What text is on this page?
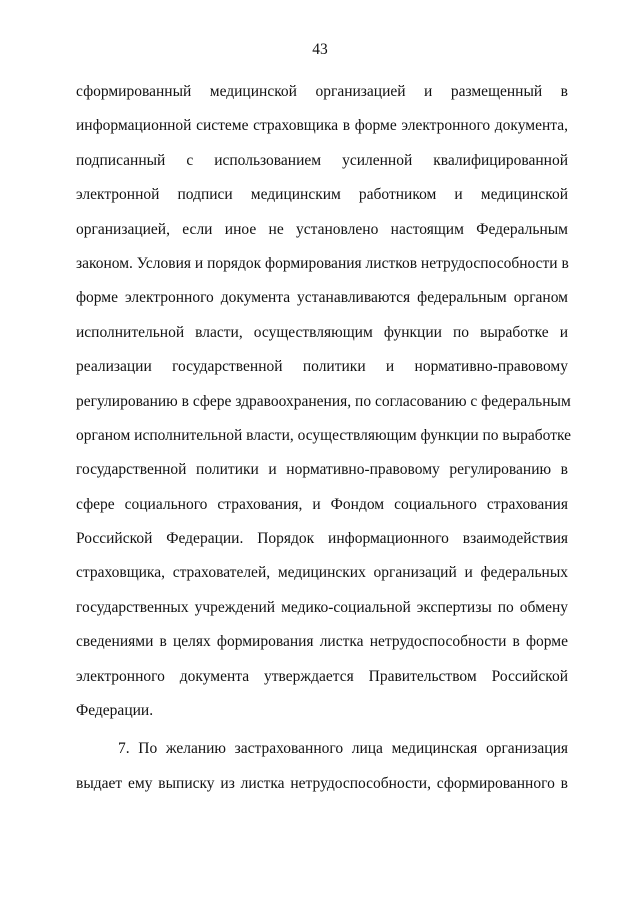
43
сформированный медицинской организацией и размещенный в
информационной системе страховщика в форме электронного документа,
подписанный с использованием усиленной квалифицированной
электронной подписи медицинским работником и медицинской
организацией, если иное не установлено настоящим Федеральным
законом. Условия и порядок формирования листков нетрудоспособности в
форме электронного документа устанавливаются федеральным органом
исполнительной власти, осуществляющим функции по выработке и
реализации государственной политики и нормативно-правовому
регулированию в сфере здравоохранения, по согласованию с федеральным
органом исполнительной власти, осуществляющим функции по выработке
государственной политики и нормативно-правовому регулированию в
сфере социального страхования, и Фондом социального страхования
Российской Федерации. Порядок информационного взаимодействия
страховщика, страхователей, медицинских организаций и федеральных
государственных учреждений медико-социальной экспертизы по обмену
сведениями в целях формирования листка нетрудоспособности в форме
электронного документа утверждается Правительством Российской
Федерации.
7. По желанию застрахованного лица медицинская организация
выдает ему выписку из листка нетрудоспособности, сформированного в
